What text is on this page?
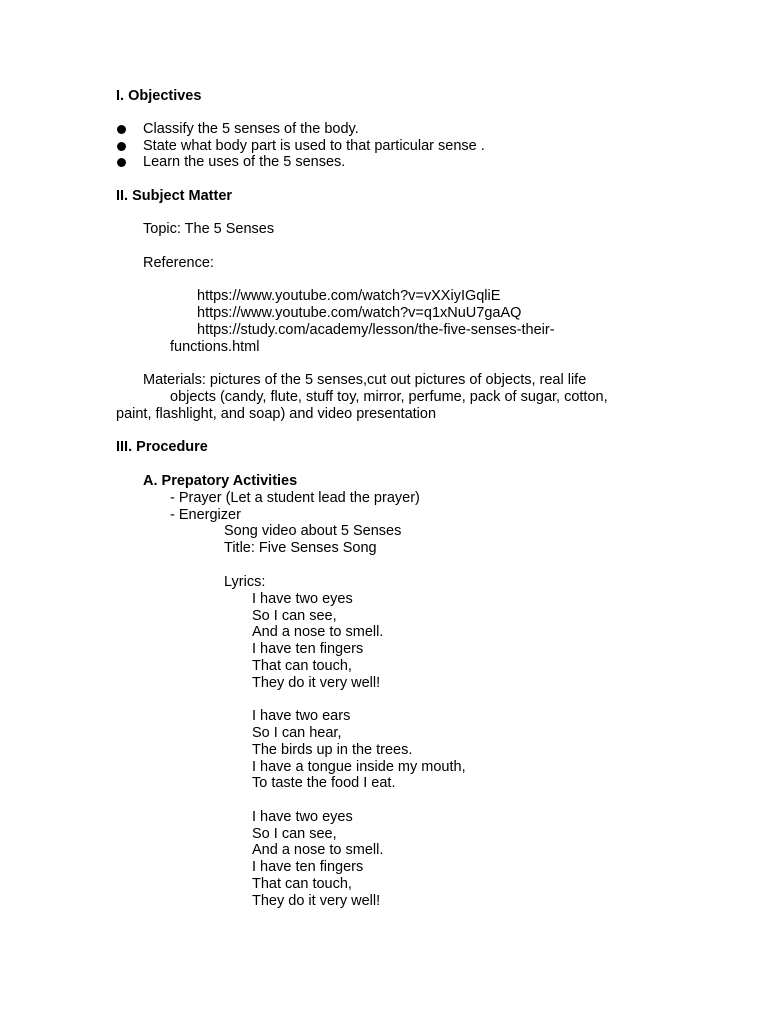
I. Objectives
Classify the 5 senses of the body.
State what body part is used to that particular sense .
Learn the uses of the 5 senses.
II. Subject Matter
Topic: The 5 Senses
Reference:
https://www.youtube.com/watch?v=vXXiyIGqliE
https://www.youtube.com/watch?v=q1xNuU7gaAQ
https://study.com/academy/lesson/the-five-senses-their-
functions.html
Materials: pictures of the 5 senses,cut out pictures of objects, real life
objects (candy, flute, stuff toy, mirror, perfume, pack of sugar, cotton,
paint, flashlight, and soap) and video presentation
III. Procedure
A. Prepatory Activities
- Prayer (Let a student lead the prayer)
- Energizer
Song video about 5 Senses
Title: Five Senses Song
Lyrics:
I have two eyes
So I can see,
And a nose to smell.
I have ten fingers
That can touch,
They do it very well!
I have two ears
So I can hear,
The birds up in the trees.
I have a tongue inside my mouth,
To taste the food I eat.
I have two eyes
So I can see,
And a nose to smell.
I have ten fingers
That can touch,
They do it very well!
